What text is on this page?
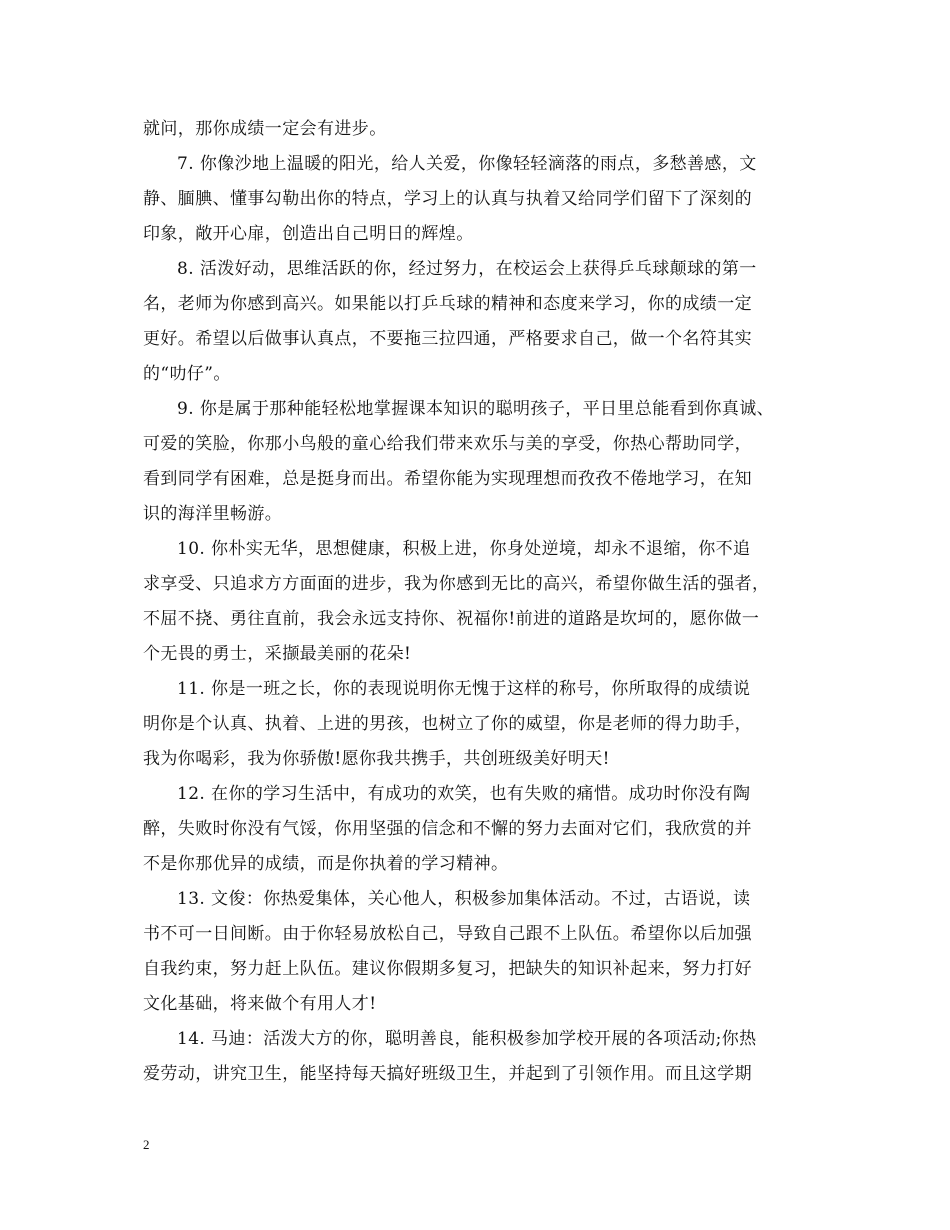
就问，那你成绩一定会有进步。
7. 你像沙地上温暖的阳光，给人关爱，你像轻轻滴落的雨点，多愁善感，文
静、腼腆、懂事勾勒出你的特点，学习上的认真与执着又给同学们留下了深刻的
印象，敞开心扉，创造出自己明日的辉煌。
8. 活泼好动，思维活跃的你，经过努力，在校运会上获得乒乓球颠球的第一
名，老师为你感到高兴。如果能以打乒乓球的精神和态度来学习，你的成绩一定
更好。希望以后做事认真点，不要拖三拉四通，严格要求自己，做一个名符其实
的“叻仔”。
9. 你是属于那种能轻松地掌握课本知识的聪明孩子，平日里总能看到你真诚、
可爱的笑脸，你那小鸟般的童心给我们带来欢乐与美的享受，你热心帮助同学，
看到同学有困难，总是挺身而出。希望你能为实现理想而孜孜不倦地学习，在知
识的海洋里畅游。
10. 你朴实无华，思想健康，积极上进，你身处逆境，却永不退缩，你不追
求享受、只追求方方面面的进步，我为你感到无比的高兴，希望你做生活的强者，
不屈不挠、勇往直前，我会永远支持你、祝福你!前进的道路是坎坷的，愿你做一
个无畏的勇士，采撷最美丽的花朵!
11. 你是一班之长，你的表现说明你无愧于这样的称号，你所取得的成绩说
明你是个认真、执着、上进的男孩，也树立了你的威望，你是老师的得力助手，
我为你喝彩，我为你骄傲!愿你我共携手，共创班级美好明天!
12. 在你的学习生活中，有成功的欢笑，也有失败的痛惜。成功时你没有陶
醉，失败时你没有气馁，你用坚强的信念和不懈的努力去面对它们，我欣赏的并
不是你那优异的成绩，而是你执着的学习精神。
13. 文俊：你热爱集体，关心他人，积极参加集体活动。不过，古语说，读
书不可一日间断。由于你轻易放松自己，导致自己跟不上队伍。希望你以后加强
自我约束，努力赶上队伍。建议你假期多复习，把缺失的知识补起来，努力打好
文化基础，将来做个有用人才!
14. 马迪：活泼大方的你，聪明善良，能积极参加学校开展的各项活动;你热
爱劳动，讲究卫生，能坚持每天搞好班级卫生，并起到了引领作用。而且这学期
2
